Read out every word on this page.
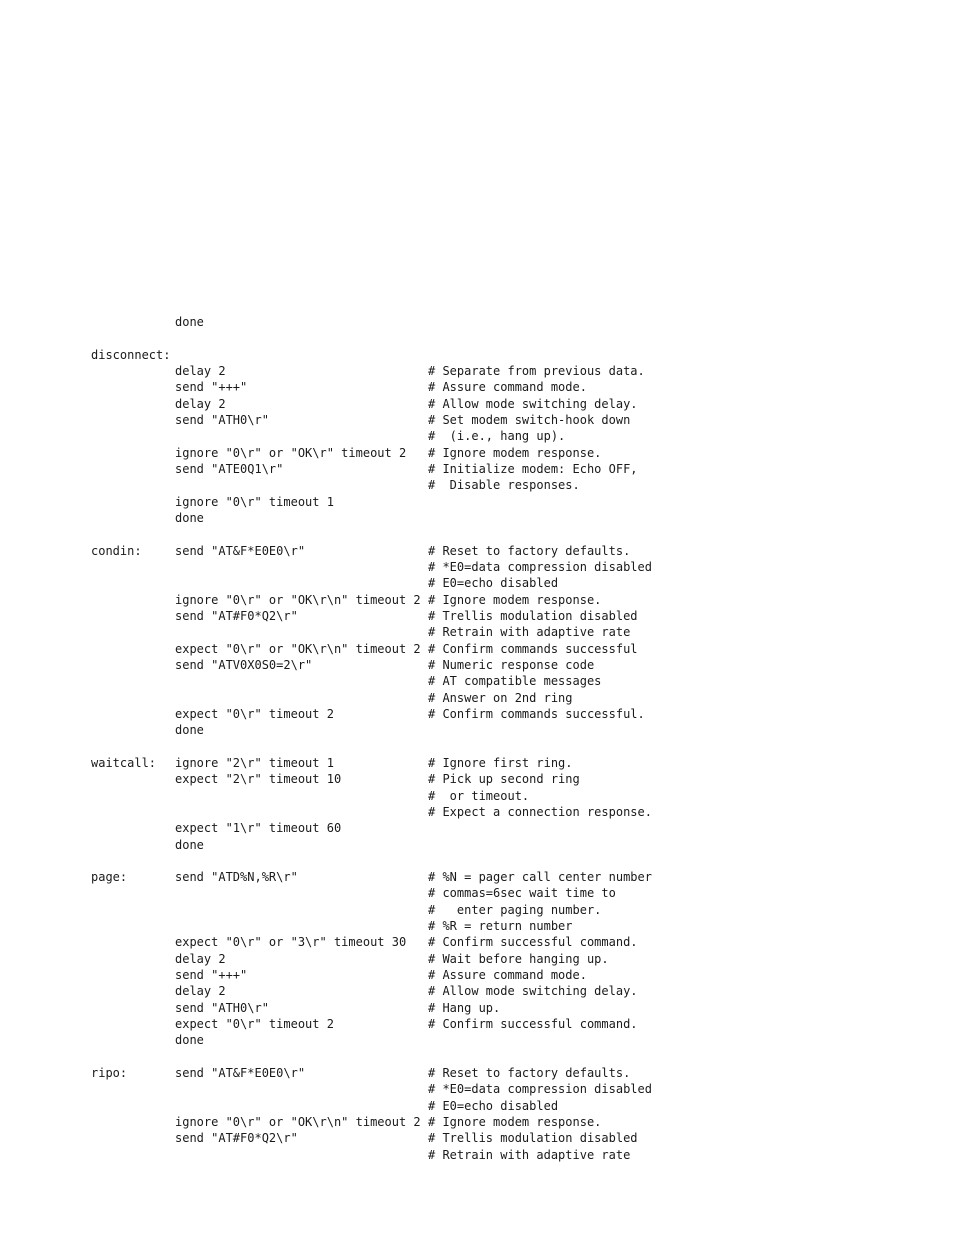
done
disconnect:
delay 2	# Separate from previous data.
send "+++"	# Assure command mode.
delay 2	# Allow mode switching delay.
send "ATH0\r"	# Set modem switch-hook down
#  (i.e., hang up).
ignore "0\r" or "OK\r" timeout 2 # Ignore modem response.
send "ATE0Q1\r"	# Initialize modem: Echo OFF,
#  Disable responses.
ignore "0\r" timeout 1
done
condin:	send "AT&F*E0E0\r"	# Reset to factory defaults.
# *E0=data compression disabled
# E0=echo disabled
ignore "0\r" or "OK\r\n" timeout 2 # Ignore modem response.
send "AT#F0*Q2\r"	# Trellis modulation disabled
# Retrain with adaptive rate
expect "0\r" or "OK\r\n" timeout 2 # Confirm commands successful
send "ATV0X0S0=2\r"	# Numeric response code
# AT compatible messages
# Answer on 2nd ring
expect "0\r" timeout 2	# Confirm commands successful.
done
waitcall: ignore "2\r" timeout 1	# Ignore first ring.
expect "2\r" timeout 10	# Pick up second ring
#  or timeout.
# Expect a connection response.
expect "1\r" timeout 60
done
page:	send "ATD%N,%R\r"	# %N = pager call center number
# commas=6sec wait time to
#   enter paging number.
# %R = return number
expect "0\r" or "3\r" timeout 30 # Confirm successful command.
delay 2	# Wait before hanging up.
send "+++"	# Assure command mode.
delay 2	# Allow mode switching delay.
send "ATH0\r"	# Hang up.
expect "0\r" timeout 2	# Confirm successful command.
done
ripo:	send "AT&F*E0E0\r"	# Reset to factory defaults.
# *E0=data compression disabled
# E0=echo disabled
ignore "0\r" or "OK\r\n" timeout 2 # Ignore modem response.
send "AT#F0*Q2\r"	# Trellis modulation disabled
# Retrain with adaptive rate
